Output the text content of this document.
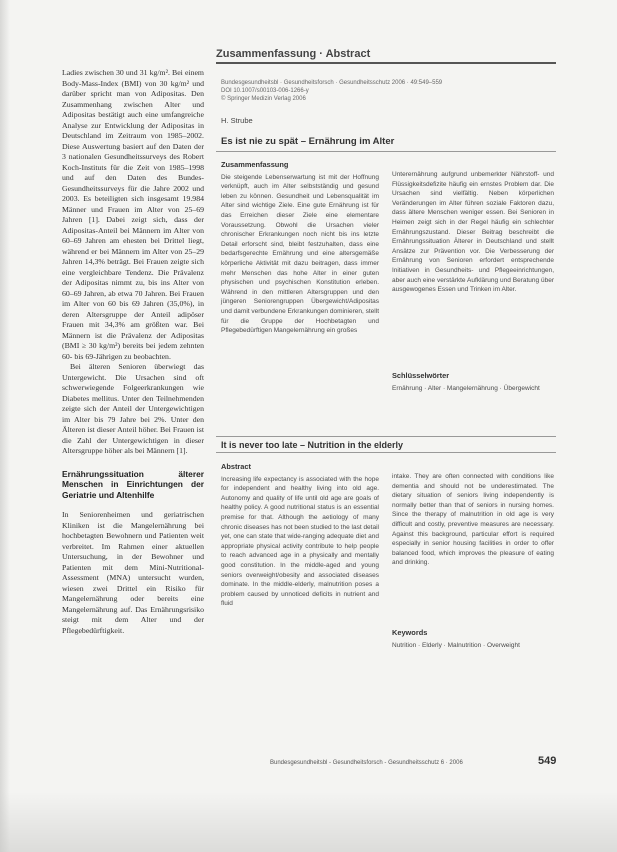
Zusammenfassung · Abstract

Ladies zwischen 30 und 31 kg/m². Bei einem Body-Mass-Index (BMI) von 30 kg/m² und darüber spricht man von Adipositas. Den Zusammenhang zwischen Alter und Adipositas bestätigt auch eine umfangreiche Analyse zur Entwicklung der Adipositas in Deutschland im Zeitraum von 1985–2002. Diese Auswertung basiert auf den Daten der 3 nationalen Gesundheitssurveys des Robert Koch-Instituts für die Zeit von 1985–1998 und auf den Daten des Bundes-Gesundheitssurveys für die Jahre 2002 und 2003. Es beteiligten sich insgesamt 19.984 Männer und Frauen im Alter von 25–69 Jahren [1]. Dabei zeigt sich, dass der Adipositas-Anteil bei Männern im Alter von 60–69 Jahren am ehesten bei Drittel liegt, während er bei Männern im Alter von 25–29 Jahren 14,3% beträgt. Bei Frauen zeigte sich eine vergleichbare Tendenz. Die Prävalenz der Adipositas nimmt zu, bis ins Alter von 60–69 Jahren, ab etwa 70 Jahren. Bei Frauen im Alter von 60 bis 69 Jahren (35,0%), in deren Altersgruppe der Anteil adipöser Frauen mit 34,3% am größten war. Bei Männern ist die Prävalenz der Adipositas (BMI ≥ 30 kg/m²) bereits bei jedem zehnten 60- bis 69-Jährigen zu beobachten.

Bei älteren Senioren überwiegt das Untergewicht. Die Ursachen sind oft schwerwiegende Folgeerkrankungen wie Diabetes mellitus. Unter den Teilnehmenden zeigte sich der Anteil der Untergewichtigen im Alter bis 79 Jahre bei 2%. Unter den Älteren ist dieser Anteil höher. Bei Frauen ist die Zahl der Untergewichtigen in dieser Altersgruppe höher als bei Männern [1].

Ernährungssituation älterer Menschen in Einrichtungen der Geriatrie und Altenhilfe

In Seniorenheimen und geriatrischen Kliniken ist die Mangelernährung bei hochbetagten Bewohnern und Patienten weit verbreitet. Im Rahmen einer aktuellen Untersuchung, in der Bewohner und Patienten mit dem Mini-Nutritional-Assessment (MNA) untersucht wurden, wiesen zwei Drittel ein Risiko für Mangelernährung oder bereits eine Mangelernährung auf. Das Ernährungsrisiko steigt mit dem Alter und der Pflegebedürftigkeit.

Bundesgesundheitsbl · Gesundheitsforsch · Gesundheitsschutz 2006 · 49:549–559
DOI 10.1007/s00103-006-1266-y
© Springer Medizin Verlag 2006
H. Strube
Es ist nie zu spät – Ernährung im Alter
Zusammenfassung

Die steigende Lebenserwartung ist mit der Hoffnung verknüpft, auch im Alter selbstständig und gesund leben zu können. Gesundheit und Lebensqualität im Alter sind wichtige Ziele. Eine gute Ernährung ist für das Erreichen dieser Ziele eine elementare Voraussetzung. Obwohl die Ursachen vieler chronischer Erkrankungen noch nicht bis ins letzte Detail erforscht sind, bleibt festzuhalten, dass eine bedarfsgerechte Ernährung und eine altersgemäße körperliche Aktivität mit dazu beitragen, dass immer mehr Menschen das hohe Alter in einer guten physischen und psychischen Konstitution erleben. Während in den mittleren Altersgruppen und den jüngeren Seniorengruppen Übergewicht/Adipositas und damit verbundene Erkrankungen dominieren, stellt für die Gruppe der Hochbetagten und Pflegebedürftigen Mangelernährung ein großes

Unterernährung aufgrund unbemerkter Nährstoff- und Flüssigkeitsdefizite häufig ein ernstes Problem dar. Die Ursachen sind vielfältig. Neben körperlichen Veränderungen im Alter führen soziale Faktoren dazu, dass ältere Menschen weniger essen. Bei Senioren in Heimen zeigt sich in der Regel häufig ein schlechter Ernährungszustand. Dieser Beitrag beschreibt die Ernährungssituation Älterer in Deutschland und stellt Ansätze zur Prävention vor. Die Verbesserung der Ernährung von Senioren erfordert entsprechende Initiativen in Gesundheits- und Pflegeeinrichtungen, aber auch eine verstärkte Aufklärung und Beratung über ausgewogenes Essen und Trinken im Alter.

Schlüsselwörter

Ernährung · Alter · Mangelernährung · Übergewicht

It is never too late – Nutrition in the elderly
Abstract

Increasing life expectancy is associated with the hope for independent and healthy living into old age. Autonomy and quality of life until old age are goals of healthy policy. A good nutritional status is an essential premise for that. Although the aetiology of many chronic diseases has not been studied to the last detail yet, one can state that wide-ranging adequate diet and appropriate physical activity contribute to help people to reach advanced age in a physically and mentally good constitution. In the middle-aged and young seniors overweight/obesity and associated diseases dominate. In the middle-elderly, malnutrition poses a problem caused by unnoticed deficits in nutrient and fluid

intake. They are often connected with conditions like dementia and should not be underestimated. The dietary situation of seniors living independently is normally better than that of seniors in nursing homes. Since the therapy of malnutrition in old age is very difficult and costly, preventive measures are necessary. Against this background, particular effort is required especially in senior housing facilities in order to offer balanced food, which improves the pleasure of eating and drinking.

Keywords

Nutrition · Elderly · Malnutrition · Overweight

Bundesgesundheitsbl - Gesundheitsforsch - Gesundheitsschutz 6 · 2006	549
